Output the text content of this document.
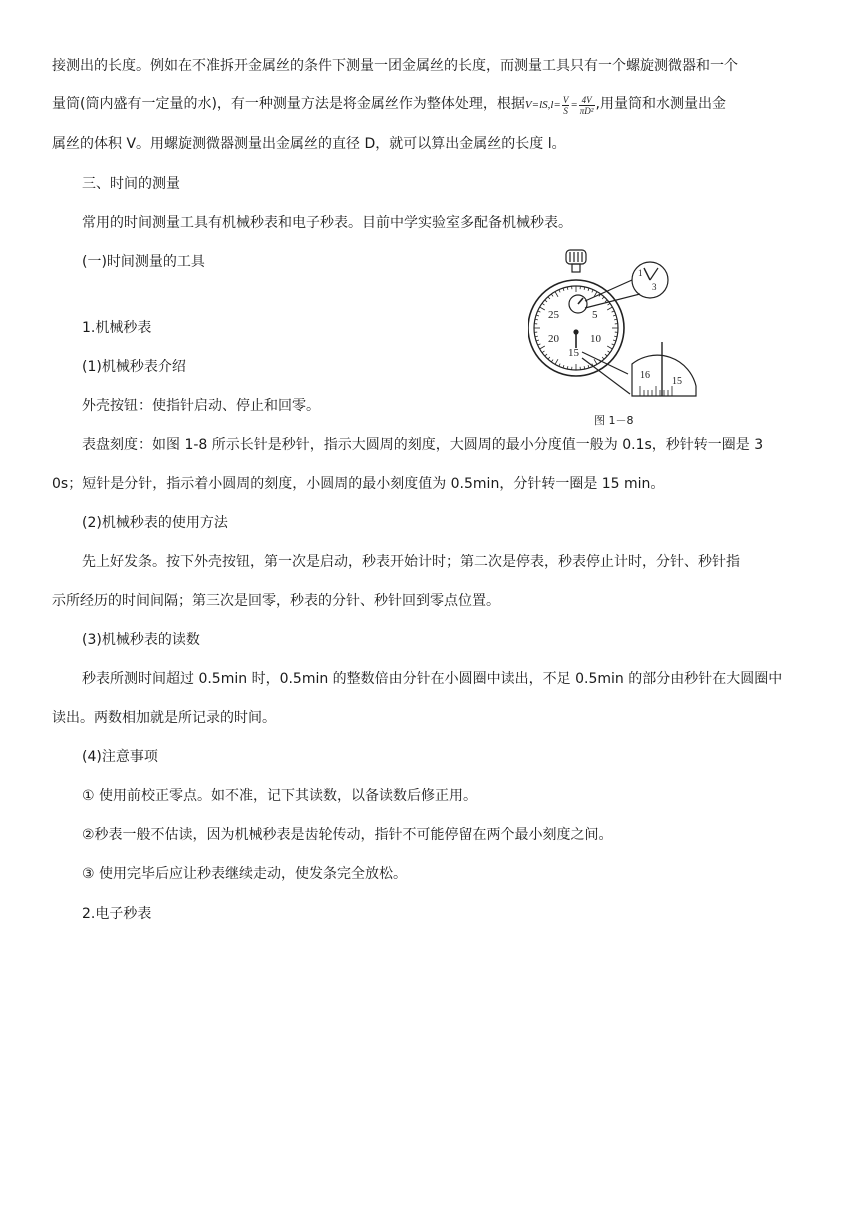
接测出的长度。例如在不准拆开金属丝的条件下测量一团金属丝的长度，而测量工具只有一个螺旋测微器和一个
量筒(筒内盛有一定量的水)，有一种测量方法是将金属丝作为整体处理，根据$V=lS,l= \frac{V}{S} = \frac{4V}{\text{πD²}}$ ,用量筒和水测量出金
属丝的体积 V。用螺旋测微器测量出金属丝的直径 D，就可以算出金属丝的长度 l。
三、时间的测量
常用的时间测量工具有机械秒表和电子秒表。目前中学实验室多配备机械秒表。
(一)时间测量的工具
1.机械秒表
(1)机械秒表介绍
外壳按钮：使指针启动、停止和回零。
表盘刻度：如图 1-8 所示长针是秒针，指示大圆周的刻度，大圆周的最小分度值一般为 0.1s，秒针转一圈是 3
0s；短针是分针，指示着小圆周的刻度，小圆周的最小刻度值为 0.5min，分针转一圈是 15 min。
(2)机械秒表的使用方法
先上好发条。按下外壳按钮，第一次是启动，秒表开始计时；第二次是停表，秒表停止计时，分针、秒针指
示所经历的时间间隔；第三次是回零，秒表的分针、秒针回到零点位置。
(3)机械秒表的读数
秒表所测时间超过 0.5min 时，0.5min 的整数倍由分针在小圆圈中读出，不足 0.5min 的部分由秒针在大圆圈中
读出。两数相加就是所记录的时间。
(4)注意事项
① 使用前校正零点。如不准，记下其读数，以备读数后修正用。
②秒表一般不估读，因为机械秒表是齿轮传动，指针不可能停留在两个最小刻度之间。
③ 使用完毕后应让秒表继续走动，使发条完全放松。
2.电子秒表
25	5
20	10
15
1
3
16
15
图 1－8
